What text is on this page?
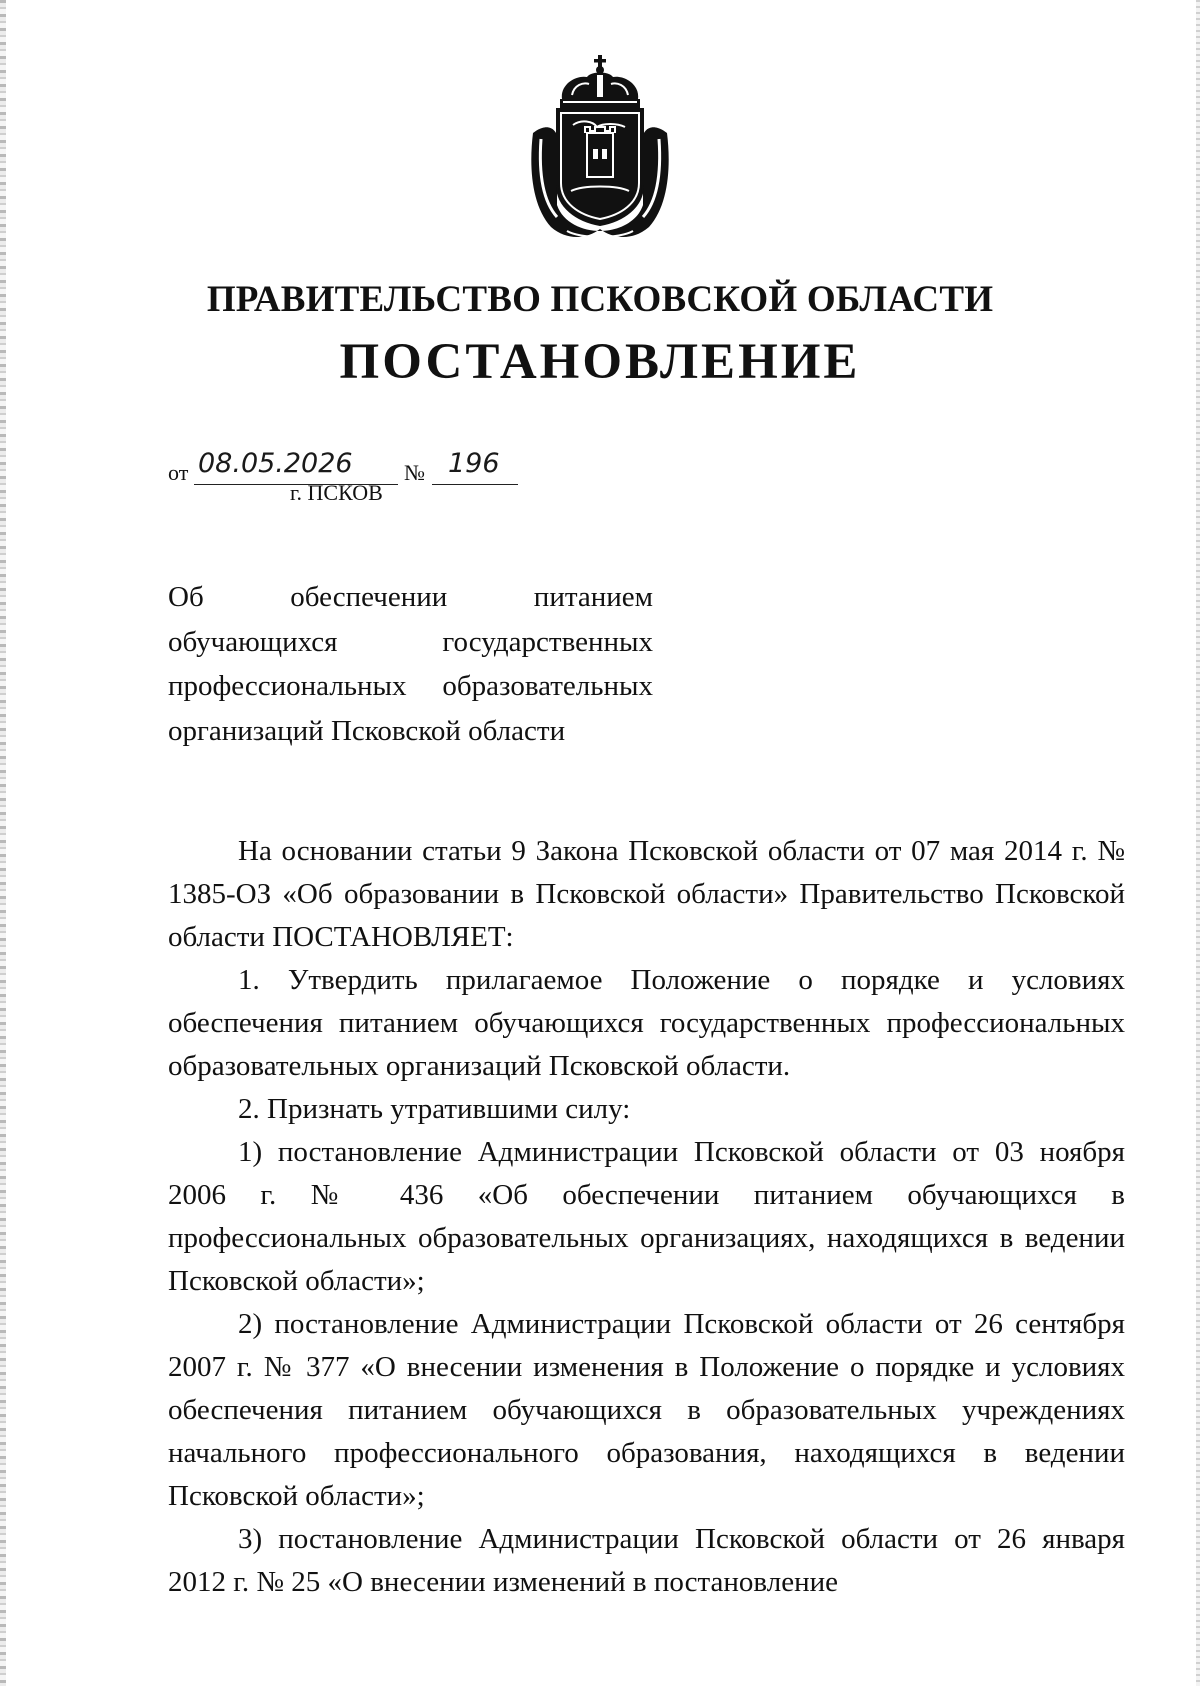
ПРАВИТЕЛЬСТВО ПСКОВСКОЙ ОБЛАСТИ
ПОСТАНОВЛЕНИЕ
от 08.05.2026 № 196
г. ПСКОВ
Об обеспечении питанием
обучающихся государственных
профессиональных образовательных
организаций Псковской области

На основании статьи 9 Закона Псковской области от 07 мая 2014 г. № 1385-ОЗ «Об образовании в Псковской области» Правительство Псковской области ПОСТАНОВЛЯЕТ:

1. Утвердить прилагаемое Положение о порядке и условиях обеспечения питанием обучающихся государственных профессиональных образовательных организаций Псковской области.

2. Признать утратившими силу:

1) постановление Администрации Псковской области от 03 ноября 2006 г. № 436 «Об обеспечении питанием обучающихся в профессиональных образовательных организациях, находящихся в ведении Псковской области»;

2) постановление Администрации Псковской области от 26 сентября 2007 г. № 377 «О внесении изменения в Положение о порядке и условиях обеспечения питанием обучающихся в образовательных учреждениях начального профессионального образования, находящихся в ведении Псковской области»;

3) постановление Администрации Псковской области от 26 января 2012 г. № 25 «О внесении изменений в постановление
